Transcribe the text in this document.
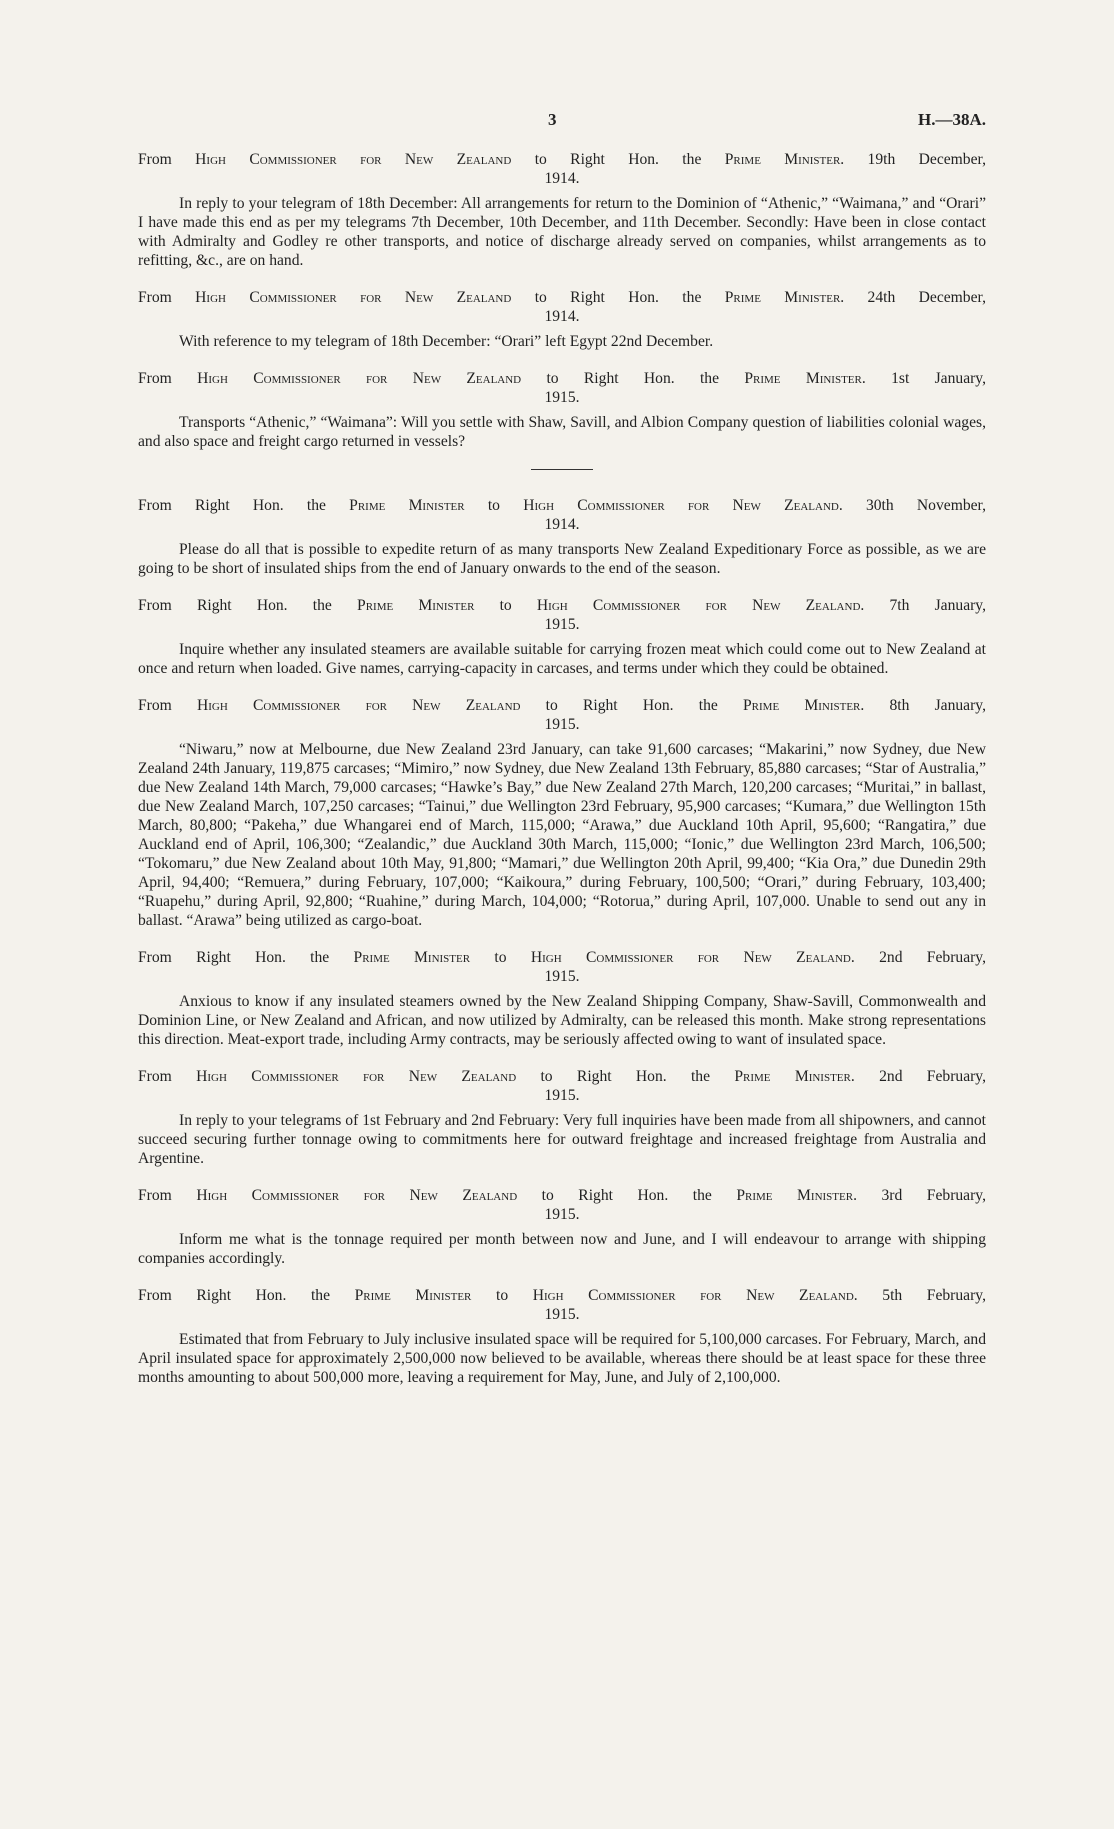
3	H.—38A.

From High Commissioner for New Zealand to Right Hon. the Prime Minister. 19th December,

1914.

In reply to your telegram of 18th December: All arrangements for return to the Dominion of “Athenic,” “Waimana,” and “Orari” I have made this end as per my telegrams 7th December, 10th December, and 11th December. Secondly: Have been in close contact with Admiralty and Godley re other transports, and notice of discharge already served on companies, whilst arrangements as to refitting, &c., are on hand.

From High Commissioner for New Zealand to Right Hon. the Prime Minister. 24th December,

1914.

With reference to my telegram of 18th December: “Orari” left Egypt 22nd December.

From High Commissioner for New Zealand to Right Hon. the Prime Minister. 1st January,

1915.

Transports “Athenic,” “Waimana”: Will you settle with Shaw, Savill, and Albion Company question of liabilities colonial wages, and also space and freight cargo returned in vessels?

From Right Hon. the Prime Minister to High Commissioner for New Zealand. 30th November,

1914.

Please do all that is possible to expedite return of as many transports New Zealand Expeditionary Force as possible, as we are going to be short of insulated ships from the end of January onwards to the end of the season.

From Right Hon. the Prime Minister to High Commissioner for New Zealand. 7th January,

1915.

Inquire whether any insulated steamers are available suitable for carrying frozen meat which could come out to New Zealand at once and return when loaded. Give names, carrying-capacity in carcases, and terms under which they could be obtained.

From High Commissioner for New Zealand to Right Hon. the Prime Minister. 8th January,

1915.

“Niwaru,” now at Melbourne, due New Zealand 23rd January, can take 91,600 carcases; “Makarini,” now Sydney, due New Zealand 24th January, 119,875 carcases; “Mimiro,” now Sydney, due New Zealand 13th February, 85,880 carcases; “Star of Australia,” due New Zealand 14th March, 79,000 carcases; “Hawke’s Bay,” due New Zealand 27th March, 120,200 carcases; “Muritai,” in ballast, due New Zealand March, 107,250 carcases; “Tainui,” due Wellington 23rd February, 95,900 carcases; “Kumara,” due Wellington 15th March, 80,800; “Pakeha,” due Whangarei end of March, 115,000; “Arawa,” due Auckland 10th April, 95,600; “Rangatira,” due Auckland end of April, 106,300; “Zealandic,” due Auckland 30th March, 115,000; “Ionic,” due Wellington 23rd March, 106,500; “Tokomaru,” due New Zealand about 10th May, 91,800; “Mamari,” due Wellington 20th April, 99,400; “Kia Ora,” due Dunedin 29th April, 94,400; “Remuera,” during February, 107,000; “Kaikoura,” during February, 100,500; “Orari,” during February, 103,400; “Ruapehu,” during April, 92,800; “Ruahine,” during March, 104,000; “Rotorua,” during April, 107,000. Unable to send out any in ballast. “Arawa” being utilized as cargo-boat.

From Right Hon. the Prime Minister to High Commissioner for New Zealand. 2nd February,

1915.

Anxious to know if any insulated steamers owned by the New Zealand Shipping Company, Shaw-Savill, Commonwealth and Dominion Line, or New Zealand and African, and now utilized by Admiralty, can be released this month. Make strong representations this direction. Meat-export trade, including Army contracts, may be seriously affected owing to want of insulated space.

From High Commissioner for New Zealand to Right Hon. the Prime Minister. 2nd February,

1915.

In reply to your telegrams of 1st February and 2nd February: Very full inquiries have been made from all shipowners, and cannot succeed securing further tonnage owing to commitments here for outward freightage and increased freightage from Australia and Argentine.

From High Commissioner for New Zealand to Right Hon. the Prime Minister. 3rd February,

1915.

Inform me what is the tonnage required per month between now and June, and I will endeavour to arrange with shipping companies accordingly.

From Right Hon. the Prime Minister to High Commissioner for New Zealand. 5th February,

1915.

Estimated that from February to July inclusive insulated space will be required for 5,100,000 carcases. For February, March, and April insulated space for approximately 2,500,000 now believed to be available, whereas there should be at least space for these three months amounting to about 500,000 more, leaving a requirement for May, June, and July of 2,100,000.
